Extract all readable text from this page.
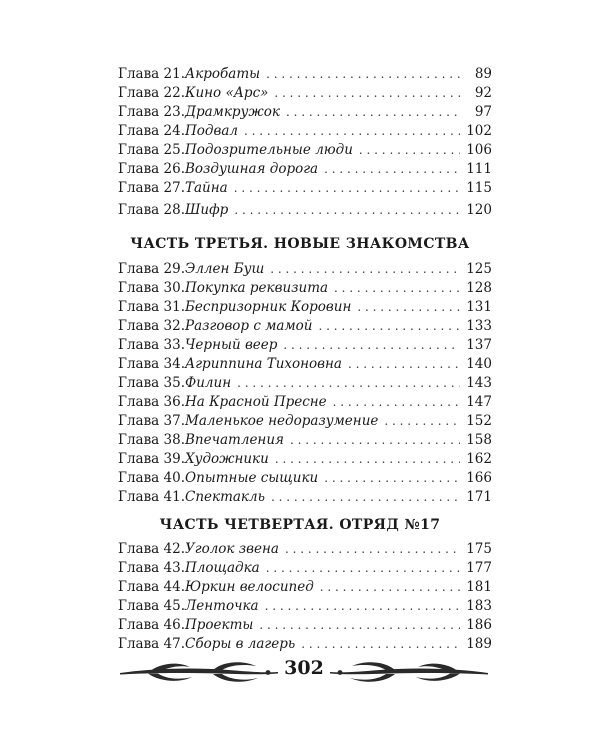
Глава 21. Акробаты . . .	89
Глава 22. Кино «Арс» . . .	92
Глава 23. Драмкружок . . .	97
Глава 24. Подвал . . .	102
Глава 25. Подозрительные люди . . .	106
Глава 26. Воздушная дорога . . .	111
Глава 27. Тайна . . .	115
Глава 28. Шифр . . .	120
ЧАСТЬ ТРЕТЬЯ. НОВЫЕ ЗНАКОМСТВА
Глава 29. Эллен Буш . . .	125
Глава 30. Покупка реквизита . . .	128
Глава 31. Беспризорник Коровин . . .	131
Глава 32. Разговор с мамой . . .	133
Глава 33. Черный веер . . .	137
Глава 34. Агриппина Тихоновна . . .	140
Глава 35. Филин . . .	143
Глава 36. На Красной Пресне . . .	147
Глава 37. Маленькое недоразумение . . .	152
Глава 38. Впечатления . . .	158
Глава 39. Художники . . .	162
Глава 40. Опытные сыщики . . .	166
Глава 41. Спектакль . . .	171
ЧАСТЬ ЧЕТВЕРТАЯ. ОТРЯД №17
Глава 42. Уголок звена . . .	175
Глава 43. Площадка . . .	177
Глава 44. Юркин велосипед . . .	181
Глава 45. Ленточка . . .	183
Глава 46. Проекты . . .	186
Глава 47. Сборы в лагерь . . .	189
302
